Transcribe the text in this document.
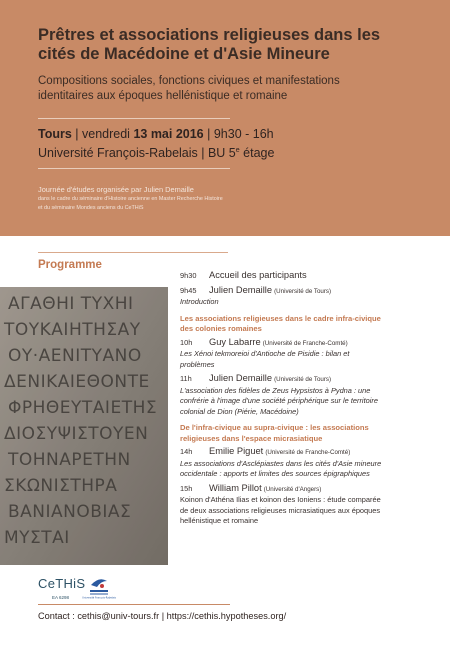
Prêtres et associations religieuses dans les
cités de Macédoine et d'Asie Mineure
Compositions sociales, fonctions civiques et manifestations
identitaires aux époques hellénistique et romaine
Tours | vendredi 13 mai 2016 | 9h30 - 16h
Université François-Rabelais | BU 5e étage
Journée d'études organisée par Julien Demaille
dans le cadre du séminaire d'Histoire ancienne en Master Recherche Histoire
et du séminaire Mondes anciens du CeTHiS
Programme
ΑΓΑΘΗΙ ΤΥΧΗΙ ΤΟΥΚΑΙΗΤΗΣΑΥ ΟΥ·ΑΕΝΙΤΥΑΝΟ ΔΕΝΙΚΑΙΕΘΟΝΤΕ ΦΡΗΘΕΥΤΑΙΕΤΗΣ ΔΙΟΣΥΨΙΣΤΟΥΕΝ ΤΟΗΝΑΡΕΤΗΝ ΣΚΩΝΙΣΤΗΡΑ ΒΑΝΙΑΝΟΒΙΑΣ ΜΥΣΤΑΙ
9h30 Accueil des participants
9h45 Julien Demaille (Université de Tours)
Introduction
Les associations religieuses dans le cadre infra-civique
des colonies romaines
10h Guy Labarre (Université de Franche-Comté)
Les Xénoi tekmoreioi d'Antioche de Pisidie : bilan et
problèmes
11h Julien Demaille (Université de Tours)
L'association des fidèles de Zeus Hypsistos à Pydna : une
confrérie à l'image d'une société périphérique sur le territoire
colonial de Dion (Piérie, Macédoine)
De l'infra-civique au supra-civique : les associations
religieuses dans l'espace micrasiatique
14h Emilie Piguet (Université de Franche-Comté)
Les associations d'Asclépiastes dans les cités d'Asie mineure
occidentale : apports et limites des sources épigraphiques
15h William Pillot (Université d'Angers)
Koinon d'Athéna Ilias et koinon des Ioniens : étude comparée
de deux associations religieuses micrasiatiques aux époques
hellénistique et romaine
CeTHiS
EA 6298	Université François-Rabelais
Contact : cethis@univ-tours.fr | https://cethis.hypotheses.org/
